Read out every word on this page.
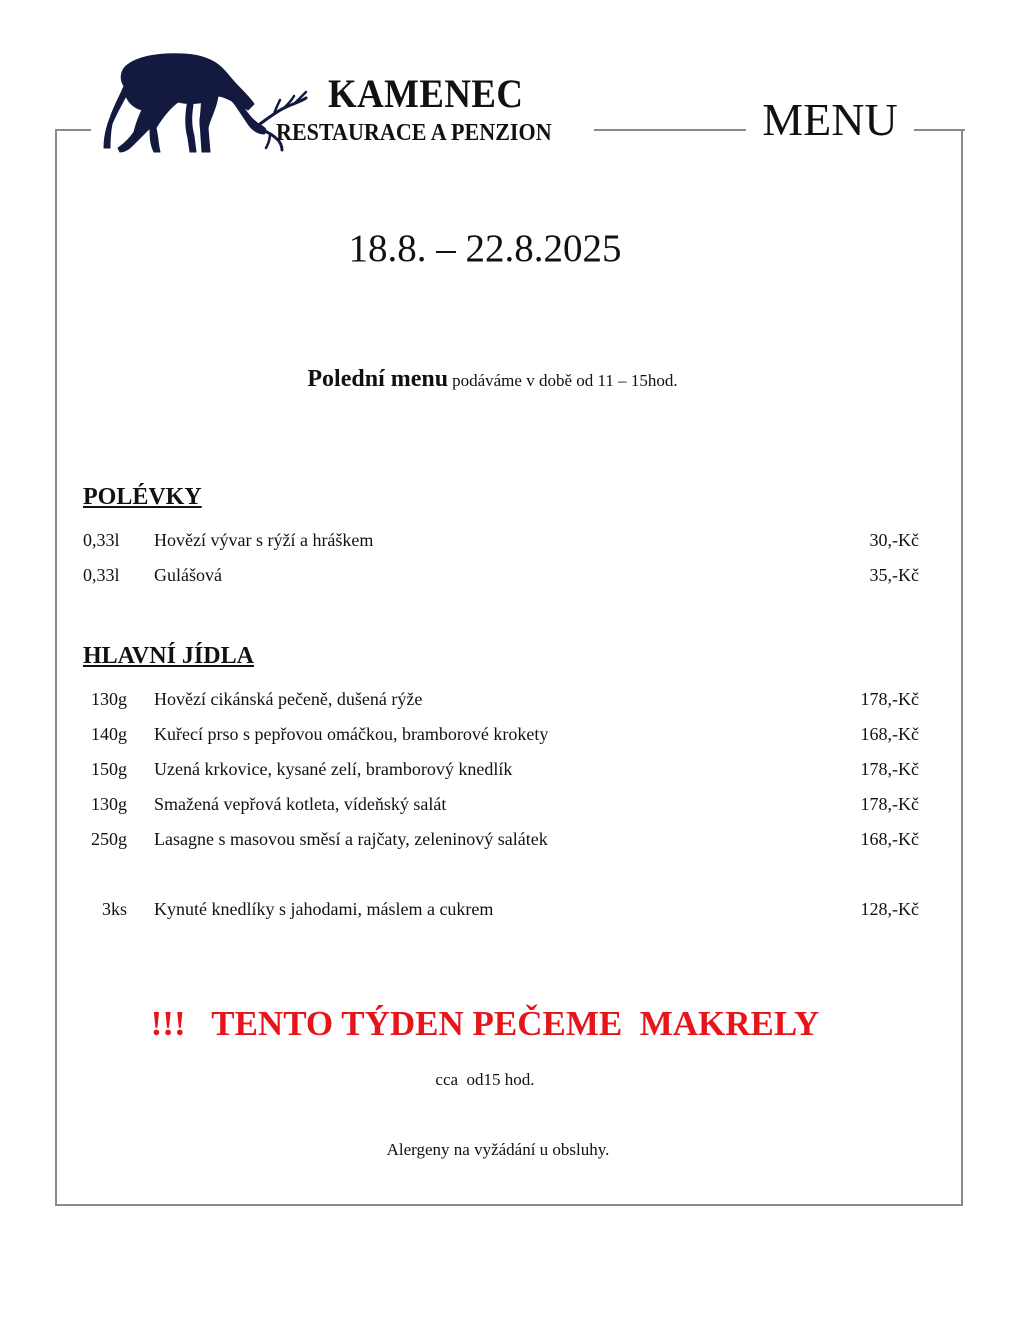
KAMENEC
RESTAURACE A PENZION	MENU
18.8. – 22.8.2025
Polední menu podáváme v době od 11 – 15hod.
POLÉVKY
0,33l	Hovězí vývar s rýží a hráškem	30,-Kč
0,33l	Gulášová	35,-Kč
HLAVNÍ JÍDLA
130g Hovězí cikánská pečeně, dušená rýže	178,-Kč
140g Kuřecí prso s pepřovou omáčkou, bramborové krokety	168,-Kč
150g Uzená krkovice, kysané zelí, bramborový knedlík	178,-Kč
130g Smažená vepřová kotleta, vídeňský salát	178,-Kč
250g Lasagne s masovou směsí a rajčaty, zeleninový salátek	168,-Kč
3ks Kynuté knedlíky s jahodami, máslem a cukrem	128,-Kč
!!!   TENTO TÝDEN PEČEME  MAKRELY
cca  od15 hod.
Alergeny na vyžádání u obsluhy.
